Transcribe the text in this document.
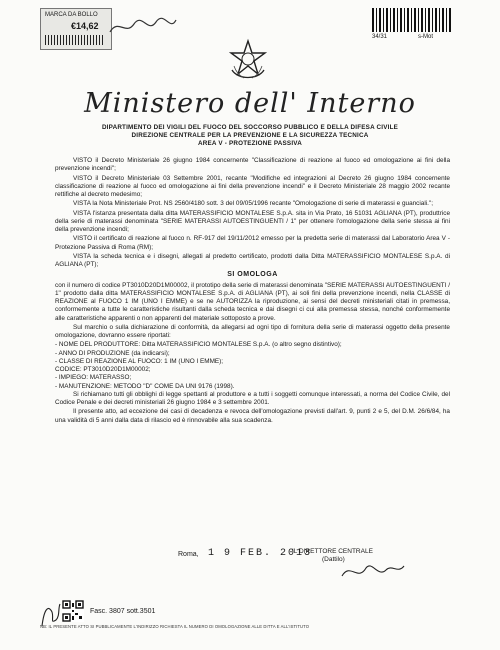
MARCA DA BOLLO
€14,62
34/31	s-Mot
Ministero dell' Interno
DIPARTIMENTO DEI VIGILI DEL FUOCO DEL SOCCORSO PUBBLICO E DELLA DIFESA CIVILE
DIREZIONE CENTRALE PER LA PREVENZIONE E LA SICUREZZA TECNICA
AREA V - PROTEZIONE PASSIVA

VISTO il Decreto Ministeriale 26 giugno 1984 concernente "Classificazione di reazione al fuoco ed omologazione ai fini della prevenzione incendi";

VISTO il Decreto Ministeriale 03 Settembre 2001, recante "Modifiche ed integrazioni al Decreto 26 giugno 1984 concernente classificazione di reazione al fuoco ed omologazione ai fini della prevenzione incendi" e il Decreto Ministeriale 28 maggio 2002 recante rettifiche al decreto medesimo;

VISTA la Nota Ministeriale Prot. NS 2560/4180 sott. 3 del 09/05/1996 recante "Omologazione di serie di materassi e guanciali.";

VISTA l'istanza presentata dalla ditta MATERASSIFICIO MONTALESE S.p.A. sita in Via Prato, 16 51031 AGLIANA (PT), produttrice della serie di materassi denominata "SERIE MATERASSI AUTOESTINGUENTI / 1" per ottenere l'omologazione della serie stessa ai fini della prevenzione incendi;

VISTO il certificato di reazione al fuoco n. RF-917 del 19/11/2012 emesso per la predetta serie di materassi dal Laboratorio Area V - Protezione Passiva di Roma (RM);

VISTA la scheda tecnica e i disegni, allegati al predetto certificato, prodotti dalla Ditta MATERASSIFICIO MONTALESE S.p.A. di AGLIANA (PT);

SI OMOLOGA

con il numero di codice PT3010D20D1M00002, il prototipo della serie di materassi denominata "SERIE MATERASSI AUTOESTINGUENTI / 1" prodotto dalla ditta MATERASSIFICIO MONTALESE S.p.A. di AGLIANA (PT), ai soli fini della prevenzione incendi, nella CLASSE di REAZIONE al FUOCO 1 IM (UNO I EMME) e se ne AUTORIZZA la riproduzione, ai sensi del decreti ministeriali citati in premessa, conformemente a tutte le caratteristiche risultanti dalla scheda tecnica e dai disegni ci cui alla premessa stessa, nonché conformemente alle caratteristiche apparenti o non apparenti del materiale sottoposto a prove.

Sul marchio o sulla dichiarazione di conformità, da allegarsi ad ogni tipo di fornitura della serie di materassi oggetto della presente omologazione, dovranno essere riportati:

- NOME DEL PRODUTTORE: Ditta MATERASSIFICIO MONTALESE S.p.A. (o altro segno distintivo);
- ANNO DI PRODUZIONE (da indicarsi);
- CLASSE DI REAZIONE AL FUOCO: 1 IM (UNO I EMME);
CODICE: PT3010D20D1M00002;
- IMPIEGO: MATERASSO;
- MANUTENZIONE: METODO "D" COME DA UNI 9176 (1998).

Si richiamano tutti gli obblighi di legge spettanti al produttore e a tutti i soggetti comunque interessati, a norma del Codice Civile, del Codice Penale e dei decreti ministeriali 26 giugno 1984 e 3 settembre 2001.

Il presente atto, ad eccezione dei casi di decadenza e revoca dell'omologazione previsti dall'art. 9, punti 2 e 5, del D.M. 26/6/84, ha una validità di 5 anni dalla data di rilascio ed è rinnovabile alla sua scadenza.

Roma, 1 9 FEB. 2013
IL DIRETTORE CENTRALE
(Dattilo)
Fasc. 3807 sott.3501
NB: IL PRESENTE ATTO SI PUBBLICAMENTE L'INDIRIZZO RICHIESTA IL NUMERO DI OMOLOGAZIONE ALLE DITTA E ALL'ISTITUTO
